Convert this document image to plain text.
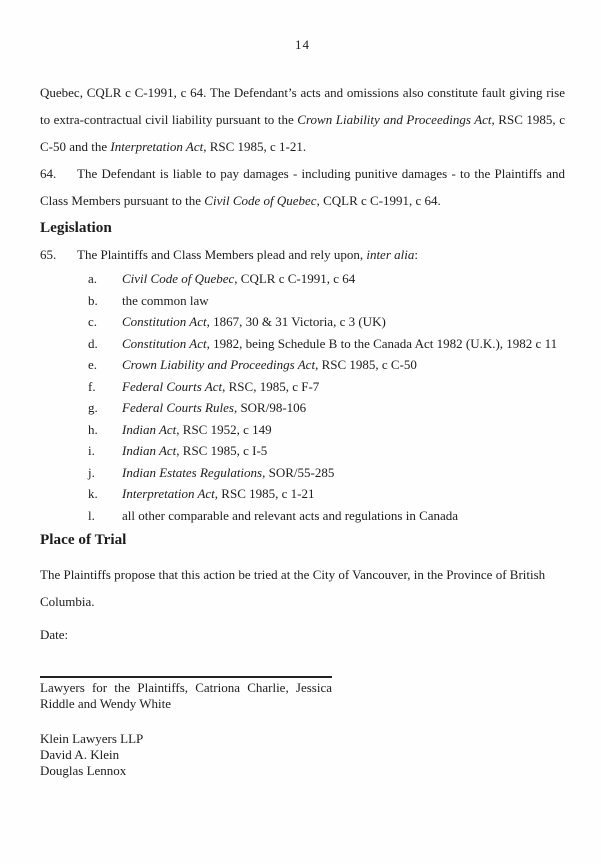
14

Quebec, CQLR c C-1991, c 64. The Defendant’s acts and omissions also constitute fault giving rise to extra-contractual civil liability pursuant to the Crown Liability and Proceedings Act, RSC 1985, c C-50 and the Interpretation Act, RSC 1985, c 1-21.

64. The Defendant is liable to pay damages - including punitive damages - to the Plaintiffs and Class Members pursuant to the Civil Code of Quebec, CQLR c C-1991, c 64.

Legislation

65. The Plaintiffs and Class Members plead and rely upon, inter alia:

a. Civil Code of Quebec, CQLR c C-1991, c 64
b. the common law
c. Constitution Act, 1867, 30 & 31 Victoria, c 3 (UK)
d. Constitution Act, 1982, being Schedule B to the Canada Act 1982 (U.K.), 1982 c 11
e. Crown Liability and Proceedings Act, RSC 1985, c C-50
f. Federal Courts Act, RSC, 1985, c F-7
g. Federal Courts Rules, SOR/98-106
h. Indian Act, RSC 1952, c 149
i. Indian Act, RSC 1985, c I-5
j. Indian Estates Regulations, SOR/55-285
k. Interpretation Act, RSC 1985, c 1-21
l. all other comparable and relevant acts and regulations in Canada
Place of Trial

The Plaintiffs propose that this action be tried at the City of Vancouver, in the Province of British Columbia.

Date:
Lawyers for the Plaintiffs, Catriona Charlie, Jessica Riddle and Wendy White
Klein Lawyers LLP
David A. Klein
Douglas Lennox
